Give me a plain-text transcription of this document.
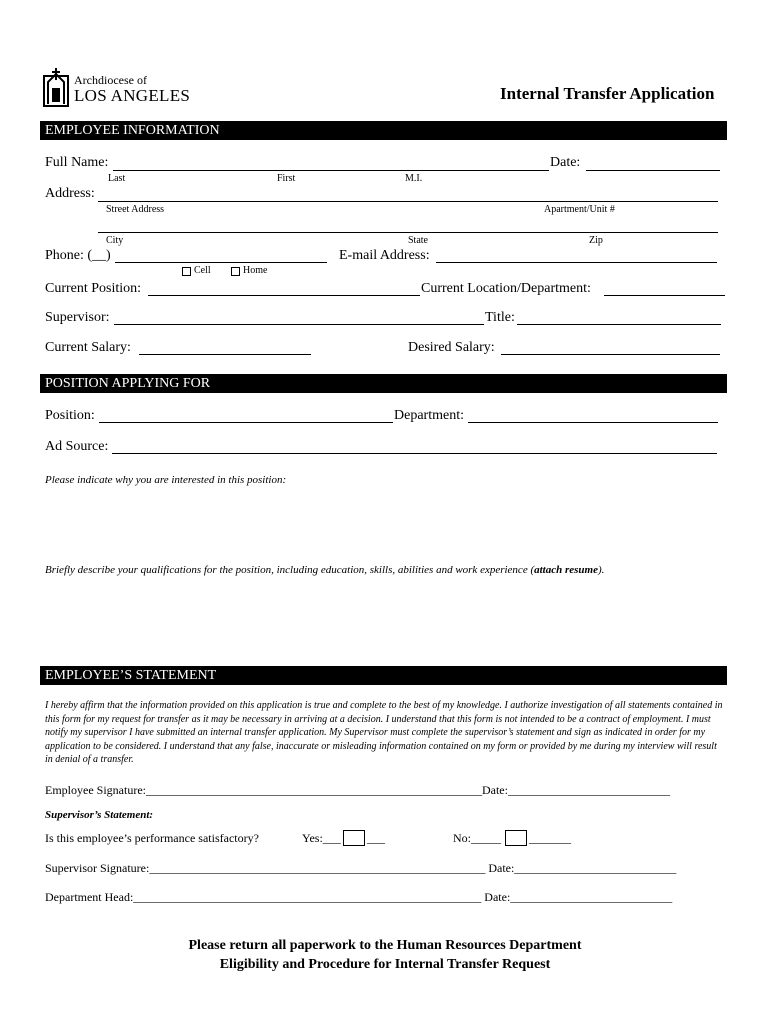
Archdiocese of
LOS ANGELES	Internal Transfer Application
EMPLOYEE INFORMATION
Full Name:	Date:
Last	First	M.I.
Address:
Street Address	Apartment/Unit #
City	State	Zip
Phone: (__)	E-mail Address:
Cell	Home
Current Position:	Current Location/Department:
Supervisor:	Title:
Current Salary:	Desired Salary:
POSITION APPLYING FOR
Position:	Department:
Ad Source:
Please indicate why you are interested in this position:
Briefly describe your qualifications for the position, including education, skills, abilities and work experience (attach resume).
EMPLOYEE’S STATEMENT
I hereby affirm that the information provided on this application is true and complete to the best of my knowledge. I authorize investigation of all statements contained in this form for my request for transfer as it may be necessary in arriving at a decision. I understand that this form is not intended to be a contract of employment. I must notify my supervisor I have submitted an internal transfer application. My Supervisor must complete the supervisor’s statement and sign as indicated in order for my application to be considered. I understand that any false, inaccurate or misleading information contained on my form or provided by me during my interview will result in denial of a transfer.
Employee Signature:________________________________________________________Date:___________________________
Supervisor’s Statement:
Is this employee’s performance satisfactory?	Yes:___ ___	No:_____ _______
Supervisor Signature:________________________________________________________ Date:___________________________
Department Head:__________________________________________________________ Date:___________________________
Please return all paperwork to the Human Resources Department
Eligibility and Procedure for Internal Transfer Request
